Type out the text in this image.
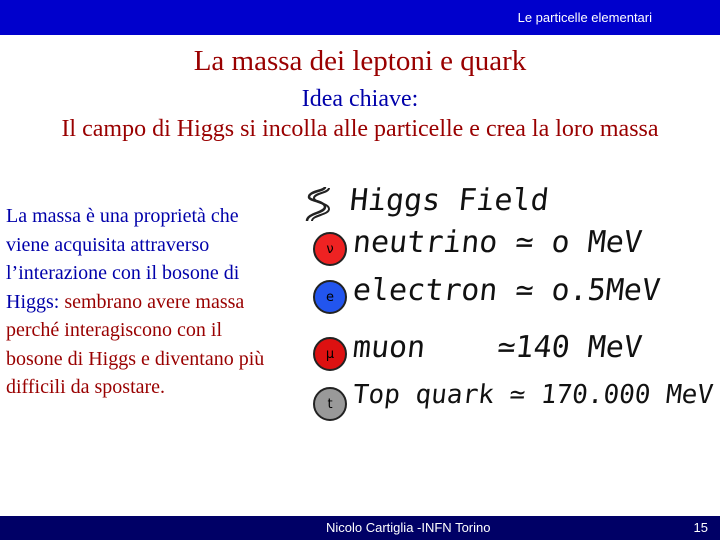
Le particelle elementari
La massa dei leptoni e quark
Idea chiave:
Il campo di Higgs si incolla alle particelle e crea la loro massa
La massa è una proprietà che viene acquisita attraverso l’interazione con il bosone di Higgs: sembrano avere massa perché interagiscono con il bosone di Higgs e diventano più difficili da spostare.
Higgs Field
ν neutrino ≃ o MeV
e electron ≃ o.5MeV
μ muon    ≃140 MeV
t Top quark ≃ 170.000 MeV
Nicolo Cartiglia -INFN Torino	15
